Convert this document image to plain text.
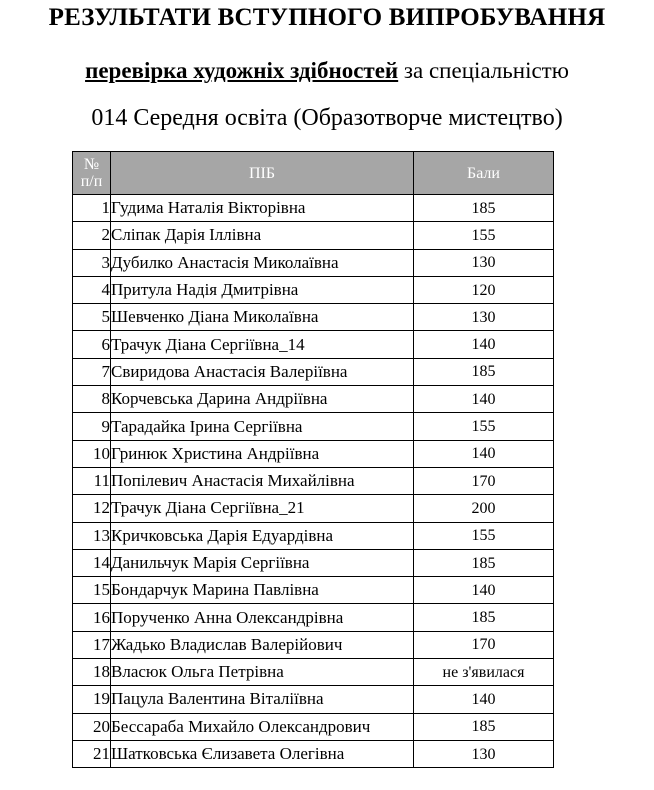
РЕЗУЛЬТАТИ ВСТУПНОГО ВИПРОБУВАННЯ
перевірка художніх здібностей за спеціальністю
014 Середня освіта (Образотворче мистецтво)
№
п/п	ПІБ	Бали
1	Гудима Наталія Вікторівна	185
2	Сліпак Дарія Іллівна	155
3	Дубилко Анастасія Миколаївна	130
4	Притула Надія Дмитрівна	120
5	Шевченко Діана Миколаївна	130
6	Трачук Діана Сергіївна_14	140
7	Свиридова Анастасія Валеріївна	185
8	Корчевська Дарина Андріївна	140
9	Тарадайка Ірина Сергіївна	155
10	Гринюк Христина Андріївна	140
11	Попілевич Анастасія Михайлівна	170
12	Трачук Діана Сергіївна_21	200
13	Кричковська Дарія Едуардівна	155
14	Данильчук Марія Сергіївна	185
15	Бондарчук Марина Павлівна	140
16	Порученко Анна Олександрівна	185
17	Жадько Владислав Валерійович	170
18	Власюк Ольга Петрівна	не з'явилася
19	Пацула Валентина Віталіївна	140
20	Бессараба Михайло Олександрович	185
21	Шатковська Єлизавета Олегівна	130
